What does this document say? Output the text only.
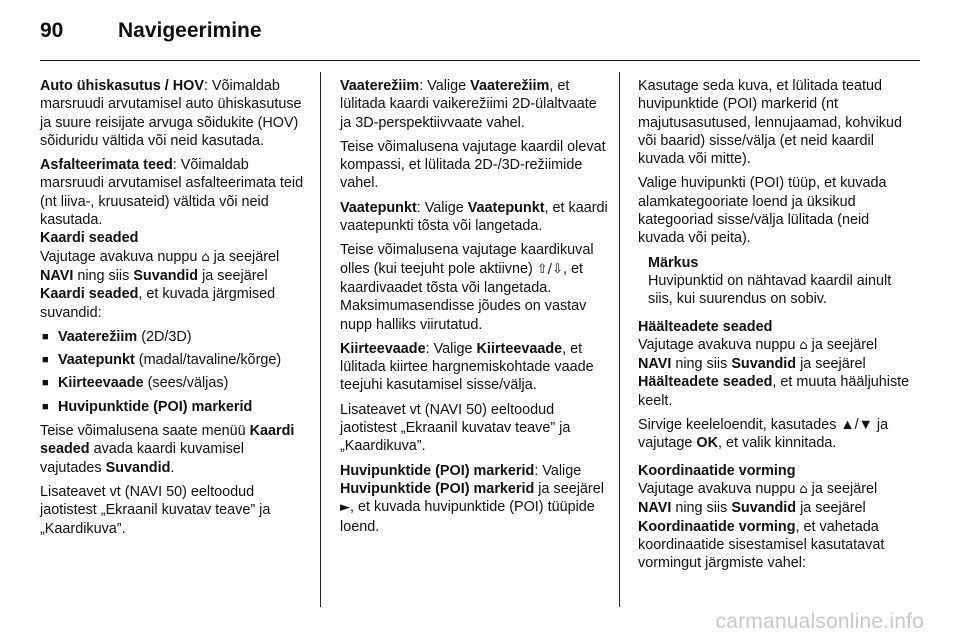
90	Navigeerimine

Auto ühiskasutus / HOV: Võimaldab marsruudi arvutamisel auto ühiskasutuse ja suure reisijate arvuga sõidukite (HOV) sõiduridu vältida või neid kasutada.

Asfalteerimata teed: Võimaldab marsruudi arvutamisel asfalteerimata teid (nt liiva-, kruusateid) vältida või neid kasutada.

Kaardi seaded

Vajutage avakuva nuppu ⌂ ja seejärel NAVI ning siis Suvandid ja seejärel Kaardi seaded, et kuvada järgmised suvandid:

■ Vaaterežiim (2D/3D)
■ Vaatepunkt (madal/tavaline/kõrge)
■ Kiirteevaade (sees/väljas)
■ Huvipunktide (POI) markerid

Teise võimalusena saate menüü Kaardi seaded avada kaardi kuvamisel vajutades Suvandid.

Lisateavet vt (NAVI 50) eeltoodud jaotistest „Ekraanil kuvatav teave” ja „Kaardikuva”.

Vaaterežiim: Valige Vaaterežiim, et lülitada kaardi vaikerežiimi 2D-ülaltvaate ja 3D-perspektiivvaate vahel.

Teise võimalusena vajutage kaardil olevat kompassi, et lülitada 2D-/3D-režiimide vahel.

Vaatepunkt: Valige Vaatepunkt, et kaardi vaatepunkti tõsta või langetada.

Teise võimalusena vajutage kaardikuval olles (kui teejuht pole aktiivne) ⇧/⇩, et kaardivaadet tõsta või langetada. Maksimumasendisse jõudes on vastav nupp halliks viirutatud.

Kiirteevaade: Valige Kiirteevaade, et lülitada kiirtee hargnemiskohtade vaade teejuhi kasutamisel sisse/välja.

Lisateavet vt (NAVI 50) eeltoodud jaotistest „Ekraanil kuvatav teave” ja „Kaardikuva”.

Huvipunktide (POI) markerid: Valige Huvipunktide (POI) markerid ja seejärel ►, et kuvada huvipunktide (POI) tüüpide loend.

Kasutage seda kuva, et lülitada teatud huvipunktide (POI) markerid (nt majutusasutused, lennujaamad, kohvikud või baarid) sisse/välja (et neid kaardil kuvada või mitte).

Valige huvipunkti (POI) tüüp, et kuvada alamkategooriate loend ja üksikud kategooriad sisse/välja lülitada (neid kuvada või peita).

Märkus
Huvipunktid on nähtavad kaardil ainult siis, kui suurendus on sobiv.
Häälteadete seaded

Vajutage avakuva nuppu ⌂ ja seejärel NAVI ning siis Suvandid ja seejärel Häälteadete seaded, et muuta hääljuhiste keelt.

Sirvige keeleloendit, kasutades ▲/▼ ja vajutage OK, et valik kinnitada.

Koordinaatide vorming

Vajutage avakuva nuppu ⌂ ja seejärel NAVI ning siis Suvandid ja seejärel Koordinaatide vorming, et vahetada koordinaatide sisestamisel kasutatavat vormingut järgmiste vahel:

carmanualsonline.info
